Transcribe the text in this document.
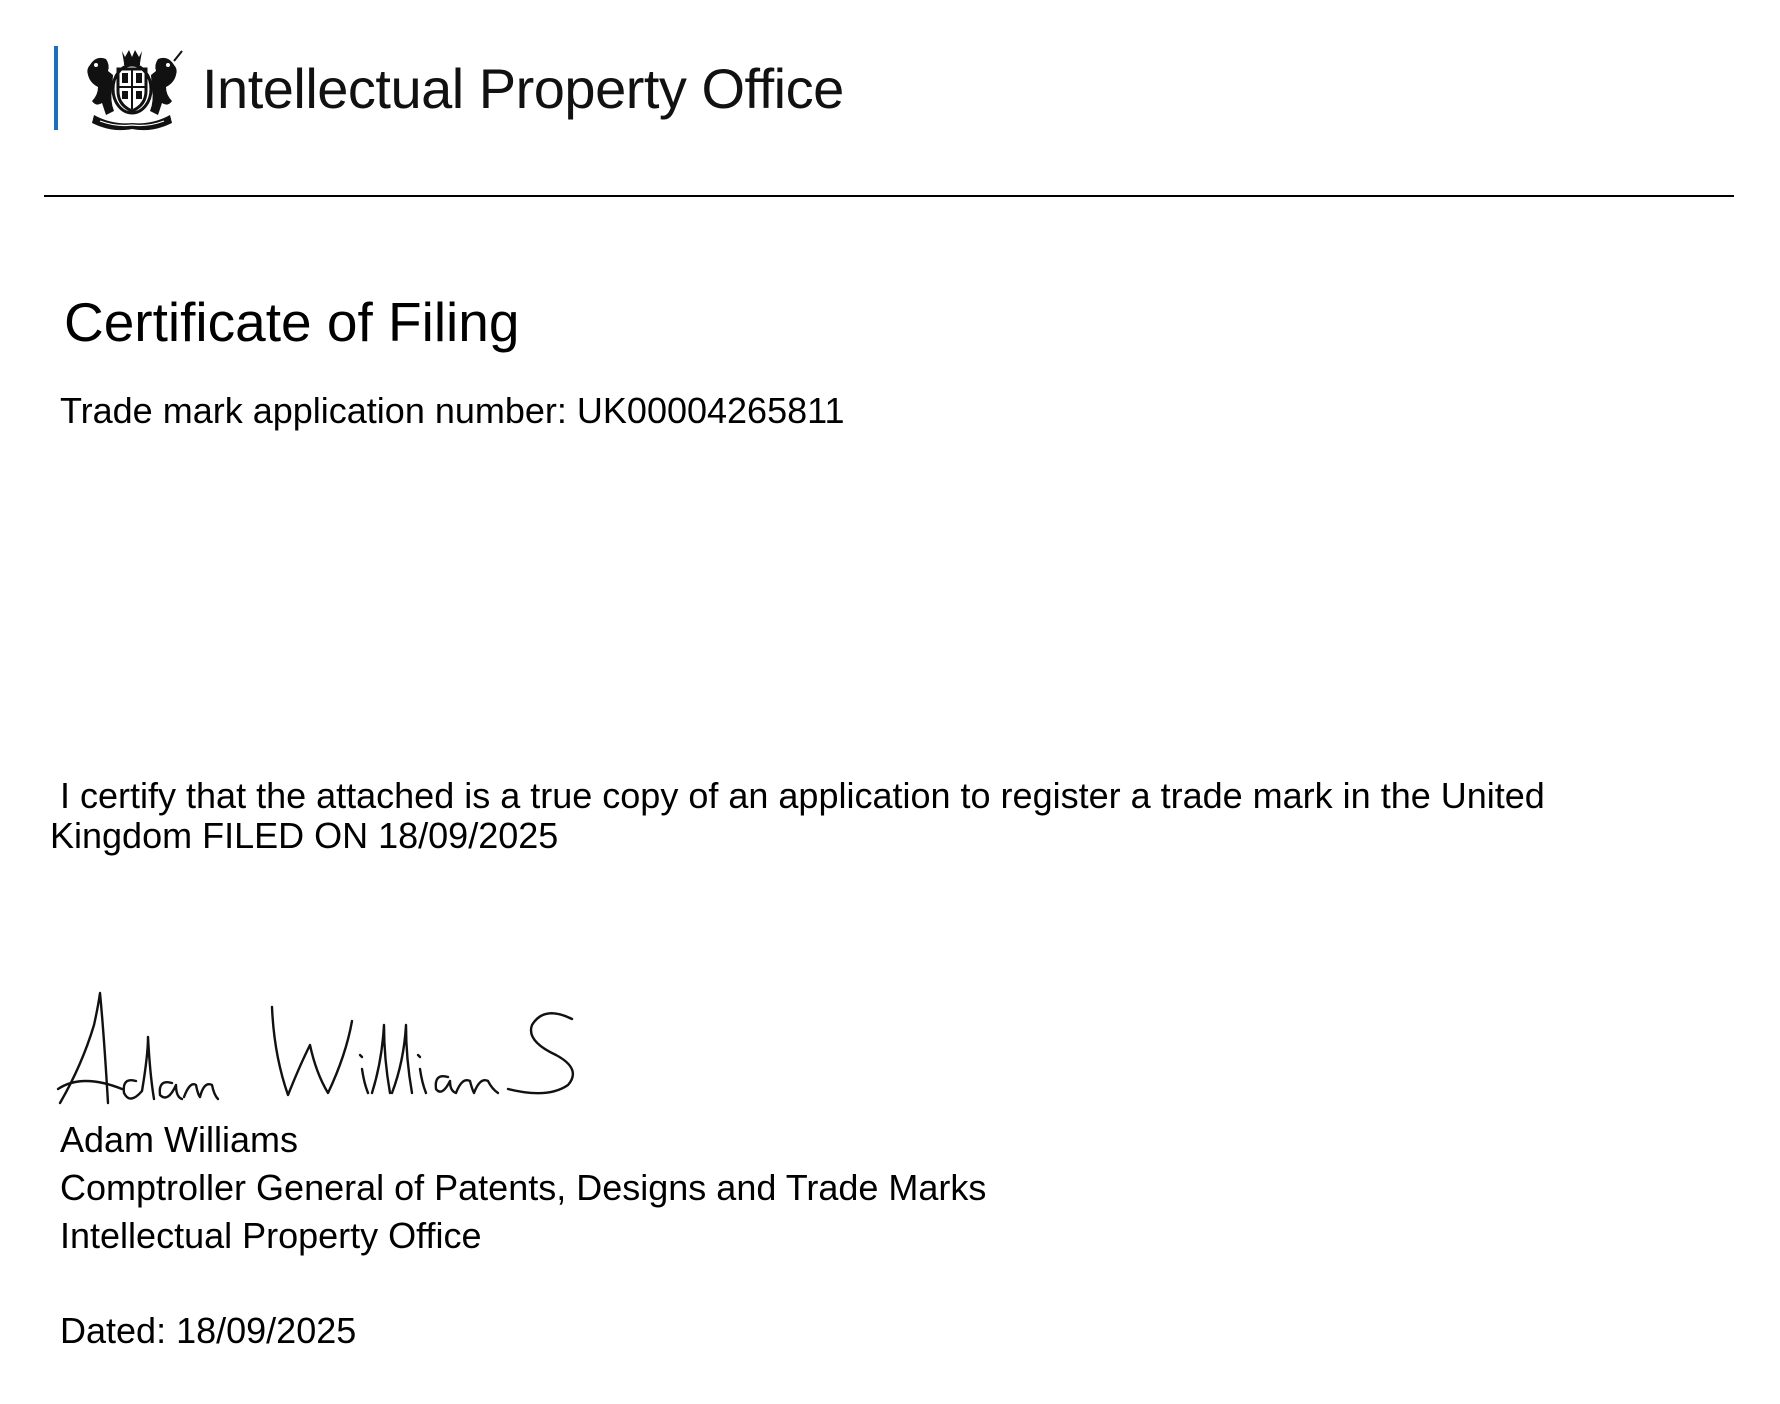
Intellectual Property Office
Certificate of Filing
Trade mark application number: UK00004265811
I certify that the attached is a true copy of an application to register a trade mark in the United
Kingdom FILED ON 18/09/2025
Adam Williams
Comptroller General of Patents, Designs and Trade Marks
Intellectual Property Office
Dated: 18/09/2025
